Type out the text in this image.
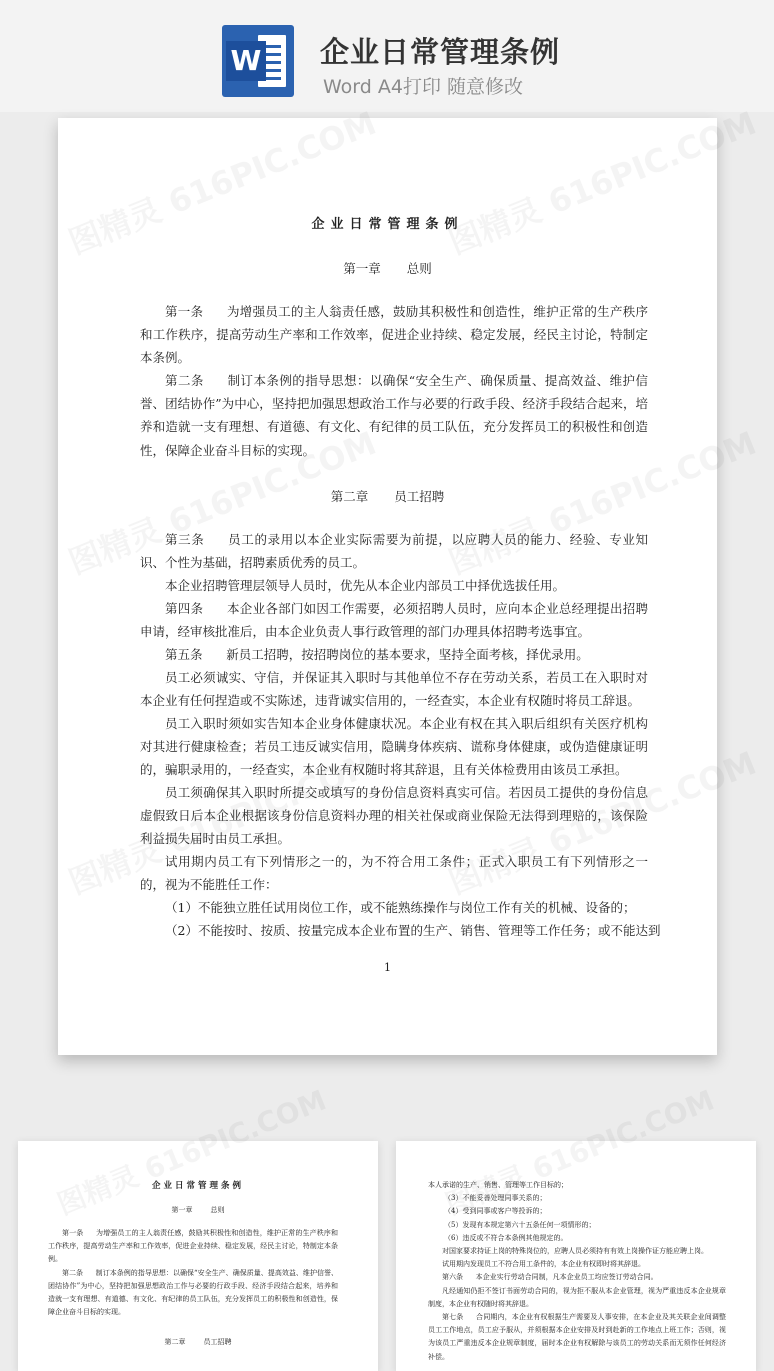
W 企业日常管理条例
Word A4打印 随意修改
企业日常管理条例
第一章 总则

第一条 为增强员工的主人翁责任感，鼓励其积极性和创造性，维护正常的生产秩序和工作秩序，提高劳动生产率和工作效率，促进企业持续、稳定发展，经民主讨论，特制定本条例。

第二条 制订本条例的指导思想：以确保“安全生产、确保质量、提高效益、维护信誉、团结协作”为中心，坚持把加强思想政治工作与必要的行政手段、经济手段结合起来，培养和造就一支有理想、有道德、有文化、有纪律的员工队伍，充分发挥员工的积极性和创造性，保障企业奋斗目标的实现。

第二章 员工招聘

第三条 员工的录用以本企业实际需要为前提，以应聘人员的能力、经验、专业知识、个性为基础，招聘素质优秀的员工。

本企业招聘管理层领导人员时，优先从本企业内部员工中择优选拔任用。

第四条 本企业各部门如因工作需要，必须招聘人员时，应向本企业总经理提出招聘申请，经审核批准后，由本企业负责人事行政管理的部门办理具体招聘考选事宜。

第五条 新员工招聘，按招聘岗位的基本要求，坚持全面考核，择优录用。

员工必须诚实、守信，并保证其入职时与其他单位不存在劳动关系，若员工在入职时对本企业有任何捏造或不实陈述，违背诚实信用的，一经查实，本企业有权随时将员工辞退。

员工入职时须如实告知本企业身体健康状况。本企业有权在其入职后组织有关医疗机构对其进行健康检查；若员工违反诚实信用，隐瞒身体疾病、谎称身体健康，或伪造健康证明的，骗职录用的，一经查实，本企业有权随时将其辞退，且有关体检费用由该员工承担。

员工须确保其入职时所提交或填写的身份信息资料真实可信。若因员工提供的身份信息虚假致日后本企业根据该身份信息资料办理的相关社保或商业保险无法得到理赔的，该保险利益损失届时由员工承担。

试用期内员工有下列情形之一的，为不符合用工条件；正式入职员工有下列情形之一的，视为不能胜任工作：

（1）不能独立胜任试用岗位工作，或不能熟练操作与岗位工作有关的机械、设备的；

（2）不能按时、按质、按量完成本企业布置的生产、销售、管理等工作任务；或不能达到

1
企业日常管理条例
第一章	总则

第一条 为增强员工的主人翁责任感，鼓励其积极性和创造性，维护正常的生产秩序和工作秩序，提高劳动生产率和工作效率，促进企业持续、稳定发展，经民主讨论，特制定本条例。

第二条 制订本条例的指导思想：以确保“安全生产、确保质量、提高效益、维护信誉、团结协作”为中心，坚持把加强思想政治工作与必要的行政手段、经济手段结合起来，培养和造就一支有理想、有道德、有文化、有纪律的员工队伍，充分发挥员工的积极性和创造性，保障企业奋斗目标的实现。

第二章	员工招聘
本人承诺的生产、销售、管理等工作目标的；
（3）不能妥善处理同事关系的；
（4）受到同事或客户等投诉的；
（5）发现有本规定第六十五条任何一项情形的；
（6）违反或不符合本条例其他规定的。
对国家要求持证上岗的特殊岗位的，应聘人员必须持有有效上岗操作证方能应聘上岗。
试用期内发现员工不符合用工条件的，本企业有权即时将其辞退。

第六条 本企业实行劳动合同制，凡本企业员工均应签订劳动合同。

凡经通知仍拒不签订书面劳动合同的，视为拒不服从本企业管理，视为严重违反本企业规章制度，本企业有权随时将其辞退。

第七条 合同期内，本企业有权根据生产需要及人事安排，在本企业及其关联企业间调整员工工作地点，员工应予服从，并须根据本企业安排及时到赴新的工作地点上班工作；否则，视为该员工严重违反本企业规章制度，届时本企业有权解除与该员工的劳动关系而无须作任何经济补偿。
